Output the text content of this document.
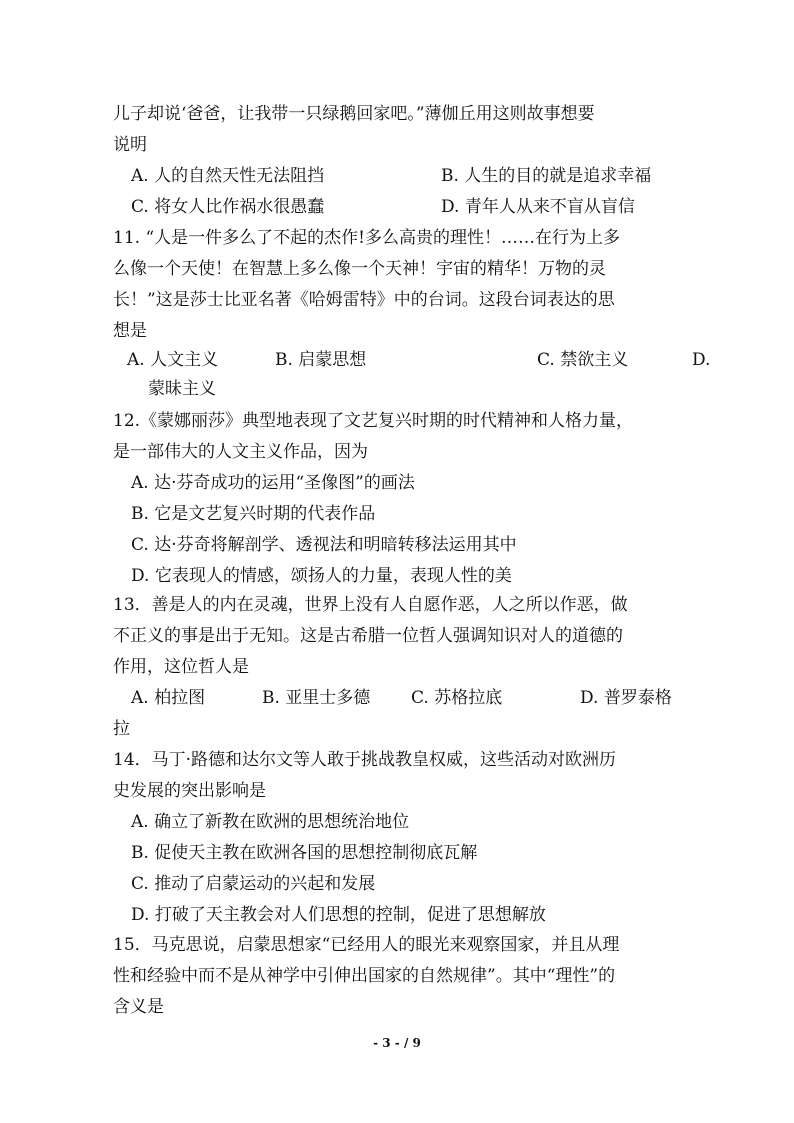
儿子却说‘爸爸，让我带一只绿鹅回家吧。”薄伽丘用这则故事想要
说明
A. 人的自然天性无法阻挡	B. 人生的目的就是追求幸福
C. 将女人比作祸水很愚蠢	D. 青年人从来不盲从盲信
11. “人是一件多么了不起的杰作!多么高贵的理性！……在行为上多
么像一个天使！在智慧上多么像一个天神！宇宙的精华！万物的灵
长！”这是莎士比亚名著《哈姆雷特》中的台词。这段台词表达的思
想是
A. 人文主义	B. 启蒙思想	C. 禁欲主义	D.
蒙昧主义
12.《蒙娜丽莎》典型地表现了文艺复兴时期的时代精神和人格力量，
是一部伟大的人文主义作品，因为
A. 达·芬奇成功的运用“圣像图”的画法
B. 它是文艺复兴时期的代表作品
C. 达·芬奇将解剖学、透视法和明暗转移法运用其中
D. 它表现人的情感，颂扬人的力量，表现人性的美
13．善是人的内在灵魂，世界上没有人自愿作恶，人之所以作恶，做
不正义的事是出于无知。这是古希腊一位哲人强调知识对人的道德的
作用，这位哲人是
A. 柏拉图	B. 亚里士多德 C. 苏格拉底	D. 普罗泰格
拉
14．马丁·路德和达尔文等人敢于挑战教皇权威，这些活动对欧洲历
史发展的突出影响是
A. 确立了新教在欧洲的思想统治地位
B. 促使天主教在欧洲各国的思想控制彻底瓦解
C. 推动了启蒙运动的兴起和发展
D. 打破了天主教会对人们思想的控制，促进了思想解放
15．马克思说，启蒙思想家“已经用人的眼光来观察国家，并且从理
性和经验中而不是从神学中引伸出国家的自然规律”。其中“理性”的
含义是
- 3 - / 9
